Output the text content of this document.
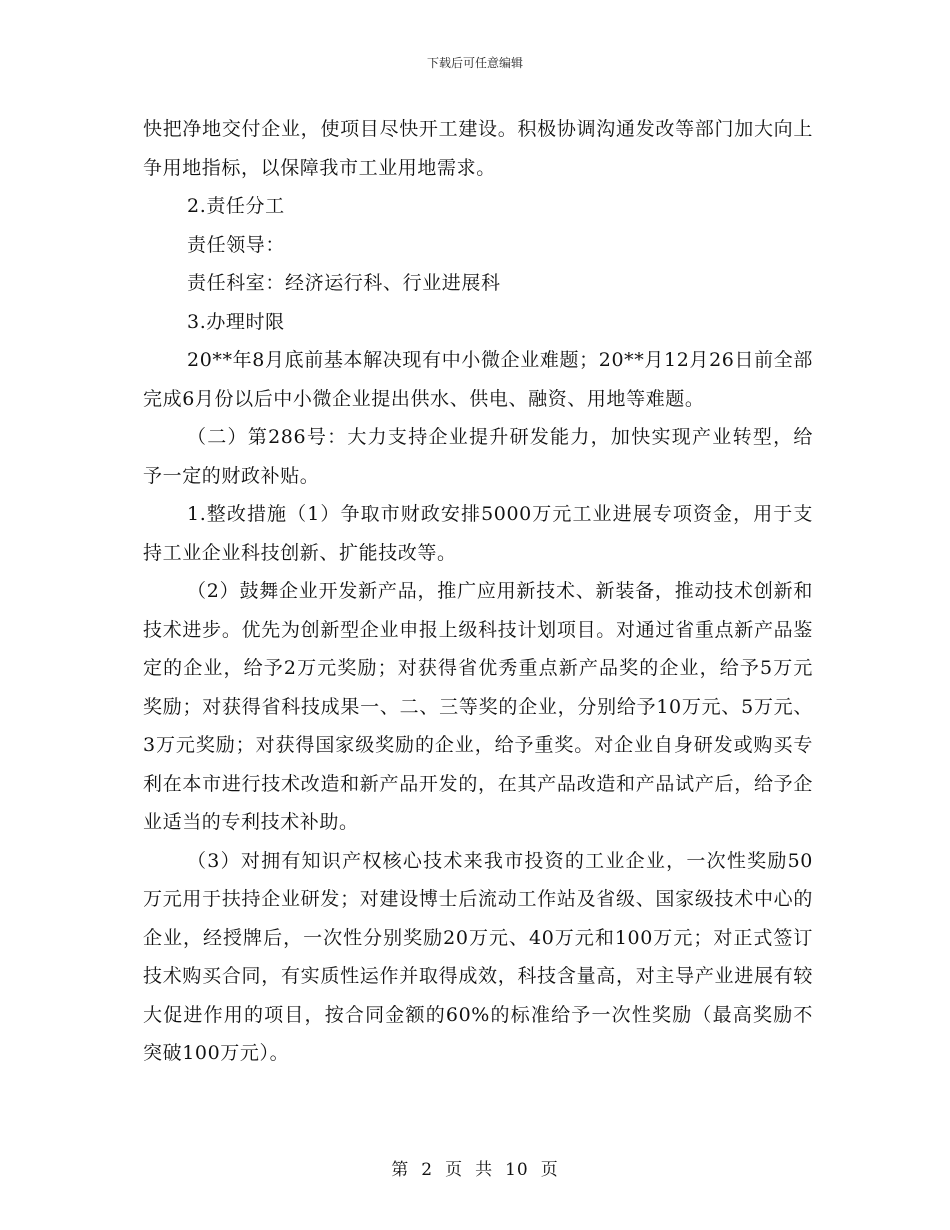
下载后可任意编辑

快把净地交付企业，使项目尽快开工建设。积极协调沟通发改等部门加大向上争用地指标，以保障我市工业用地需求。

2.责任分工

责任领导：

责任科室：经济运行科、行业进展科

3.办理时限

20**年8月底前基本解决现有中小微企业难题；20**月12月26日前全部完成6月份以后中小微企业提出供水、供电、融资、用地等难题。

（二）第286号：大力支持企业提升研发能力，加快实现产业转型，给予一定的财政补贴。

1.整改措施（1）争取市财政安排5000万元工业进展专项资金，用于支持工业企业科技创新、扩能技改等。

（2）鼓舞企业开发新产品，推广应用新技术、新装备，推动技术创新和技术进步。优先为创新型企业申报上级科技计划项目。对通过省重点新产品鉴定的企业，给予2万元奖励；对获得省优秀重点新产品奖的企业，给予5万元奖励；对获得省科技成果一、二、三等奖的企业，分别给予10万元、5万元、3万元奖励；对获得国家级奖励的企业，给予重奖。对企业自身研发或购买专利在本市进行技术改造和新产品开发的，在其产品改造和产品试产后，给予企业适当的专利技术补助。

（3）对拥有知识产权核心技术来我市投资的工业企业，一次性奖励50万元用于扶持企业研发；对建设博士后流动工作站及省级、国家级技术中心的企业，经授牌后，一次性分别奖励20万元、40万元和100万元；对正式签订技术购买合同，有实质性运作并取得成效，科技含量高，对主导产业进展有较大促进作用的项目，按合同金额的60%的标准给予一次性奖励（最高奖励不突破100万元）。

第 2 页 共 10 页
